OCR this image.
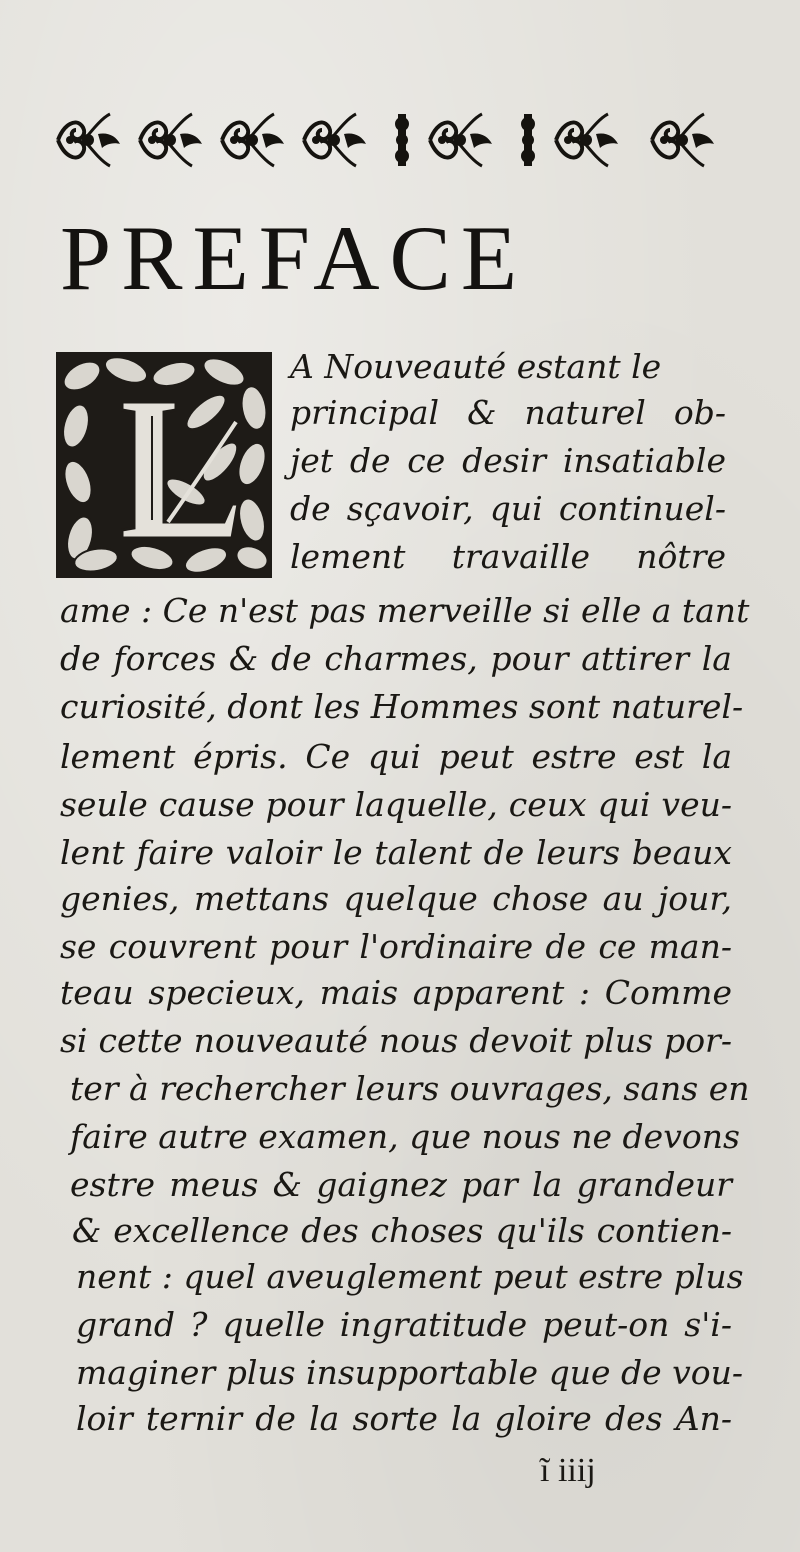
PREFACE
A Nouveauté estant le
principal & naturel ob-
jet de ce desir insatiable
de sçavoir, qui continuel-
lement travaille nôtre
ame : Ce n'est pas merveille si elle a tant
de forces & de charmes, pour attirer la
curiosité, dont les Hommes sont naturel-
lement épris. Ce qui peut estre est la
seule cause pour laquelle, ceux qui veu-
lent faire valoir le talent de leurs beaux
genies, mettans quelque chose au jour,
se couvrent pour l'ordinaire de ce man-
teau specieux, mais apparent : Comme
si cette nouveauté nous devoit plus por-
ter à rechercher leurs ouvrages, sans en
faire autre examen, que nous ne devons
estre meus & gaignez par la grandeur
& excellence des choses qu'ils contien-
nent : quel aveuglement peut estre plus
grand ? quelle ingratitude peut-on s'i-
maginer plus insupportable que de vou-
loir ternir de la sorte la gloire des An-
ĩ iiij
